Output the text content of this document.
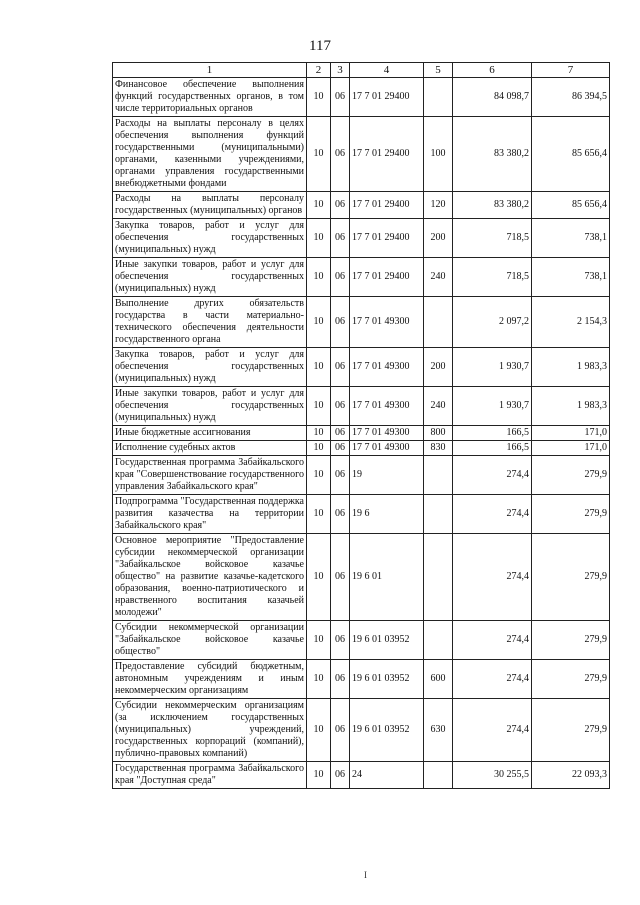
117
1	2	3	4	5	6	7
Финансовое обеспечение выполнения функций государственных органов, в том числе территориальных органов	10	06	17 7 01 29400		84 098,7	86 394,5
Расходы на выплаты персоналу в целях обеспечения выполнения функций государственными (муниципальными) органами, казенными учреждениями, органами управления государственными внебюджетными фондами	10	06	17 7 01 29400	100	83 380,2	85 656,4
Расходы на выплаты персоналу государственных (муниципальных) органов	10	06	17 7 01 29400	120	83 380,2	85 656,4
Закупка товаров, работ и услуг для обеспечения государственных (муниципальных) нужд	10	06	17 7 01 29400	200	718,5	738,1
Иные закупки товаров, работ и услуг для обеспечения государственных (муниципальных) нужд	10	06	17 7 01 29400	240	718,5	738,1
Выполнение других обязательств государства в части материально-технического обеспечения деятельности государственного органа	10	06	17 7 01 49300		2 097,2	2 154,3
Закупка товаров, работ и услуг для обеспечения государственных (муниципальных) нужд	10	06	17 7 01 49300	200	1 930,7	1 983,3
Иные закупки товаров, работ и услуг для обеспечения государственных (муниципальных) нужд	10	06	17 7 01 49300	240	1 930,7	1 983,3
Иные бюджетные ассигнования	10	06	17 7 01 49300	800	166,5	171,0
Исполнение судебных актов	10	06	17 7 01 49300	830	166,5	171,0
Государственная программа Забайкальского края "Совершенствование государственного управления Забайкальского края"	10	06	19		274,4	279,9
Подпрограмма "Государственная поддержка развития казачества на территории Забайкальского края"	10	06	19 6		274,4	279,9
Основное мероприятие "Предоставление субсидии некоммерческой организации "Забайкальское войсковое казачье общество" на развитие казачье-кадетского образования, военно-патриотического и нравственного воспитания казачьей молодежи"	10	06	19 6 01		274,4	279,9
Субсидии некоммерческой организации "Забайкальское войсковое казачье общество"	10	06	19 6 01 03952		274,4	279,9
Предоставление субсидий бюджетным, автономным учреждениям и иным некоммерческим организациям	10	06	19 6 01 03952	600	274,4	279,9
Субсидии некоммерческим организациям (за исключением государственных (муниципальных) учреждений, государственных корпораций (компаний), публично-правовых компаний)	10	06	19 6 01 03952	630	274,4	279,9
Государственная программа Забайкальского края "Доступная среда"	10	06	24		30 255,5	22 093,3
I
